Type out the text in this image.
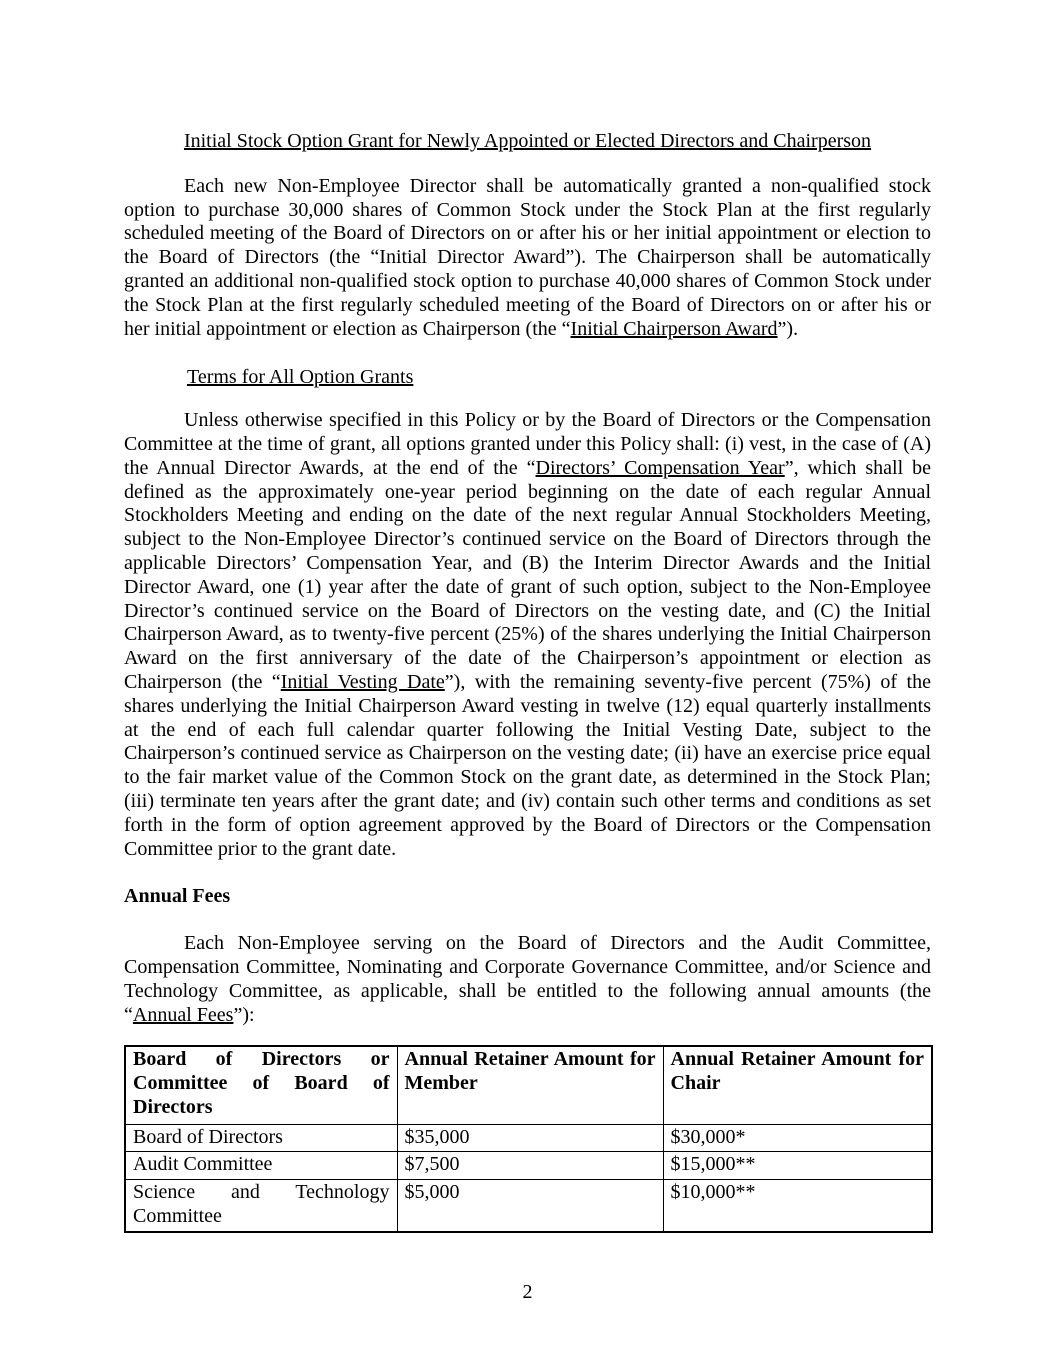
Initial Stock Option Grant for Newly Appointed or Elected Directors and Chairperson

Each new Non-Employee Director shall be automatically granted a non-qualified stock option to purchase 30,000 shares of Common Stock under the Stock Plan at the first regularly scheduled meeting of the Board of Directors on or after his or her initial appointment or election to the Board of Directors (the “Initial Director Award”). The Chairperson shall be automatically granted an additional non-qualified stock option to purchase 40,000 shares of Common Stock under the Stock Plan at the first regularly scheduled meeting of the Board of Directors on or after his or her initial appointment or election as Chairperson (the “Initial Chairperson Award”).

Terms for All Option Grants

Unless otherwise specified in this Policy or by the Board of Directors or the Compensation Committee at the time of grant, all options granted under this Policy shall: (i) vest, in the case of (A) the Annual Director Awards, at the end of the “Directors’ Compensation Year”, which shall be defined as the approximately one-year period beginning on the date of each regular Annual Stockholders Meeting and ending on the date of the next regular Annual Stockholders Meeting, subject to the Non-Employee Director’s continued service on the Board of Directors through the applicable Directors’ Compensation Year, and (B) the Interim Director Awards and the Initial Director Award, one (1) year after the date of grant of such option, subject to the Non-Employee Director’s continued service on the Board of Directors on the vesting date, and (C) the Initial Chairperson Award, as to twenty-five percent (25%) of the shares underlying the Initial Chairperson Award on the first anniversary of the date of the Chairperson’s appointment or election as Chairperson (the “Initial Vesting Date”), with the remaining seventy-five percent (75%) of the shares underlying the Initial Chairperson Award vesting in twelve (12) equal quarterly installments at the end of each full calendar quarter following the Initial Vesting Date, subject to the Chairperson’s continued service as Chairperson on the vesting date; (ii) have an exercise price equal to the fair market value of the Common Stock on the grant date, as determined in the Stock Plan; (iii) terminate ten years after the grant date; and (iv) contain such other terms and conditions as set forth in the form of option agreement approved by the Board of Directors or the Compensation Committee prior to the grant date.

Annual Fees

Each Non-Employee serving on the Board of Directors and the Audit Committee, Compensation Committee, Nominating and Corporate Governance Committee, and/or Science and Technology Committee, as applicable, shall be entitled to the following annual amounts (the “Annual Fees”):

Board of Directors or Committee of Board of Directors	Annual Retainer Amount for Member	Annual Retainer Amount for Chair
Board of Directors	$35,000	$30,000*
Audit Committee	$7,500	$15,000**
Science and Technology Committee	$5,000	$10,000**
2
